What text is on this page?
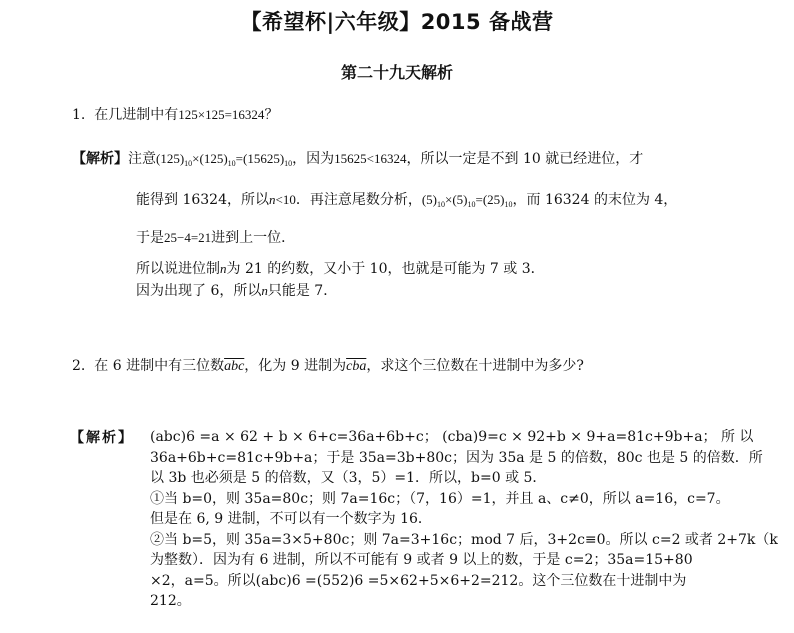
【希望杯|六年级】2015 备战营
第二十九天解析
1. 在几进制中有125×125=16324？
【解析】注意$(125)_{10}\times(125)_{10}=(15625)_{10}$，因为15625<16324，所以一定是不到 10 就已经进位，才
能得到 16324，所以n<10．再注意尾数分析，$(5)_{10}\times(5)_{10}=(25)_{10}$，而 16324 的末位为 4，
于是25−4=21进到上一位．
所以说进位制n为 21 的约数，又小于 10，也就是可能为 7 或 3．
因为出现了 6，所以n只能是 7．
2. 在 6 进制中有三位数$\overline{abc}$，化为 9 进制为$\overline{cba}$，求这个三位数在十进制中为多少?
【解析】 (abc)6 =a × 62 + b × 6+c=36a+6b+c； (cba)9=c × 92+b × 9+a=81c+9b+a； 所 以
36a+6b+c=81c+9b+a；于是 35a=3b+80c；因为 35a 是 5 的倍数，80c 也是 5 的倍数．所
以 3b 也必须是 5 的倍数，又（3，5）=1．所以，b=0 或 5．
①当 b=0，则 35a=80c；则 7a=16c；（7，16）=1，并且 a、c≠0，所以 a=16，c=7。
但是在 6, 9 进制，不可以有一个数字为 16．
②当 b=5，则 35a=3×5+80c；则 7a=3+16c；mod 7 后，3+2c≡0。所以 c=2 或者 2+7k（k
为整数）．因为有 6 进制，所以不可能有 9 或者 9 以上的数，于是 c=2；35a=15+80
×2，a=5。所以(abc)6 =(552)6 =5×62+5×6+2=212。这个三位数在十进制中为
212。
